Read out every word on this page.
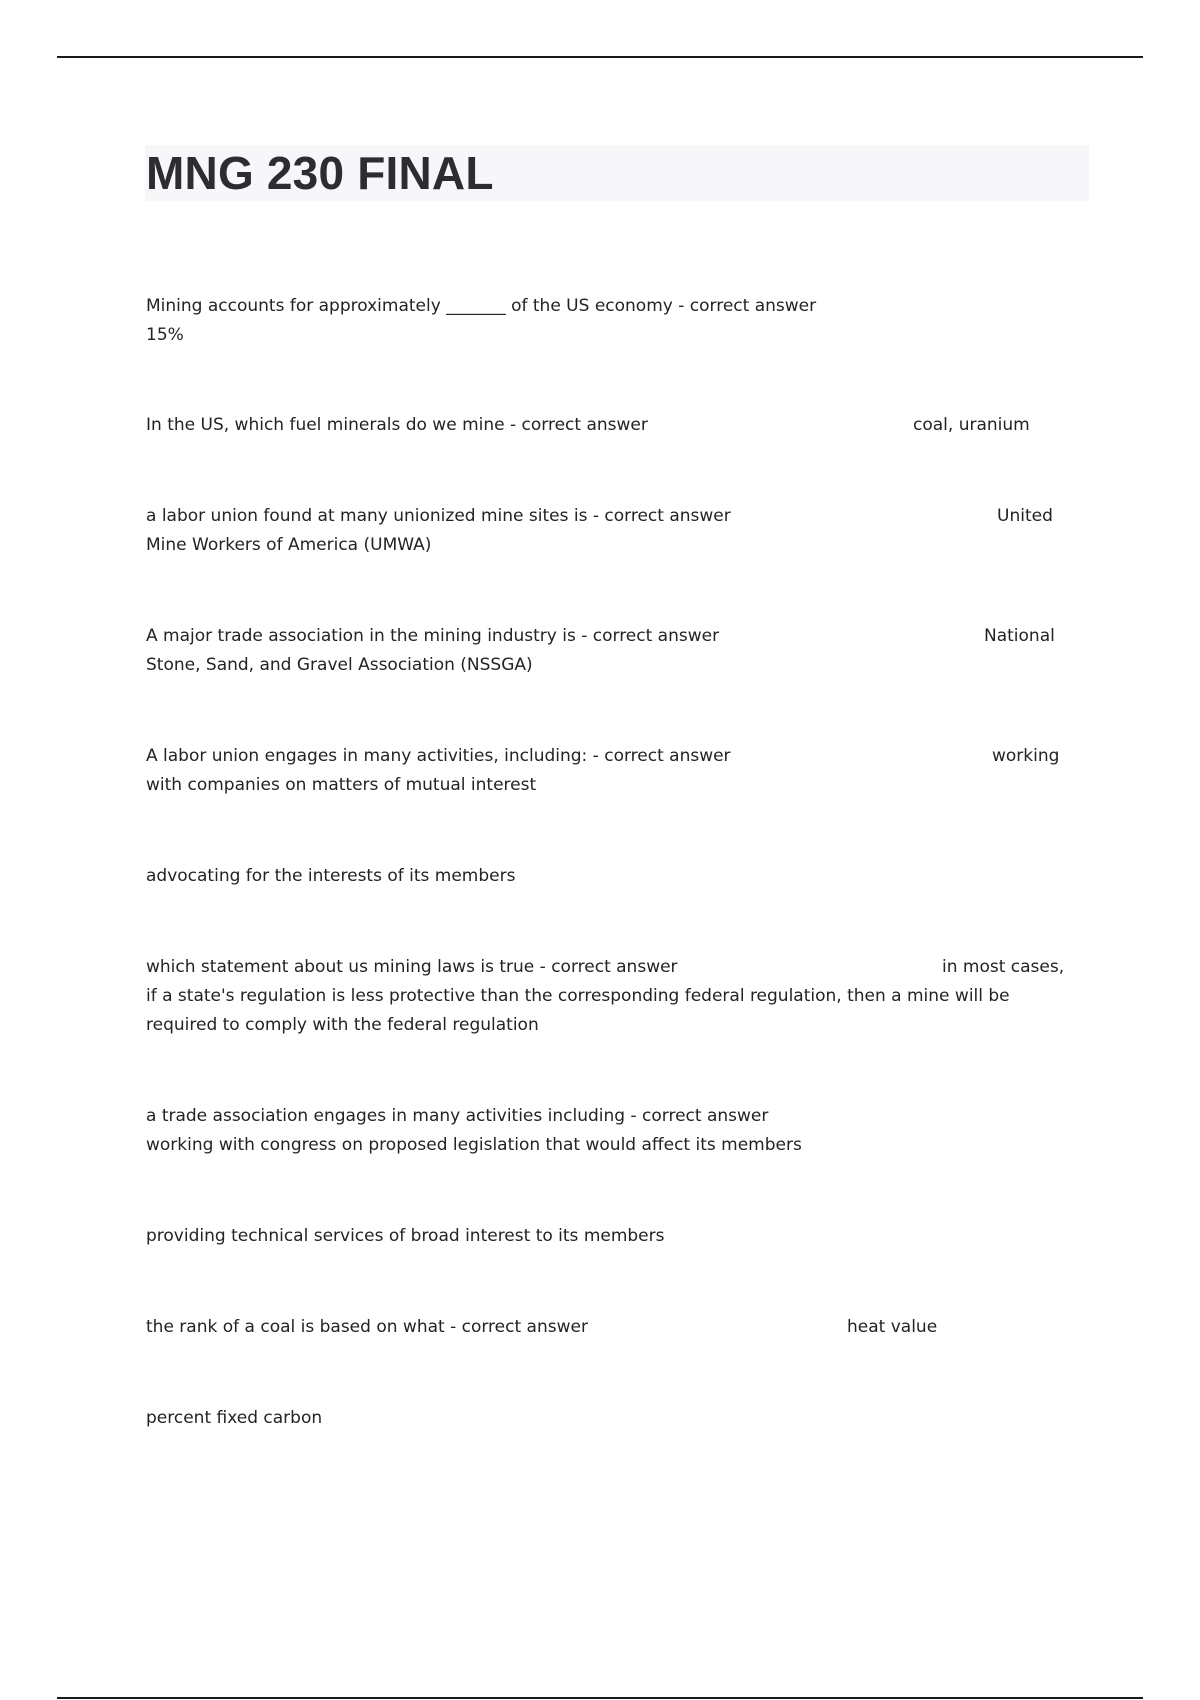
MNG 230 FINAL
Mining accounts for approximately _______ of the US economy - correct answer
15%
In the US, which fuel minerals do we mine - correct answer	coal, uranium
a labor union found at many unionized mine sites is - correct answer	United
Mine Workers of America (UMWA)
A major trade association in the mining industry is - correct answer	National
Stone, Sand, and Gravel Association (NSSGA)
A labor union engages in many activities, including: - correct answer	working
with companies on matters of mutual interest
advocating for the interests of its members
which statement about us mining laws is true - correct answer	in most cases,
if a state's regulation is less protective than the corresponding federal regulation, then a mine will be
required to comply with the federal regulation
a trade association engages in many activities including - correct answer
working with congress on proposed legislation that would affect its members
providing technical services of broad interest to its members
the rank of a coal is based on what - correct answer	heat value
percent fixed carbon
